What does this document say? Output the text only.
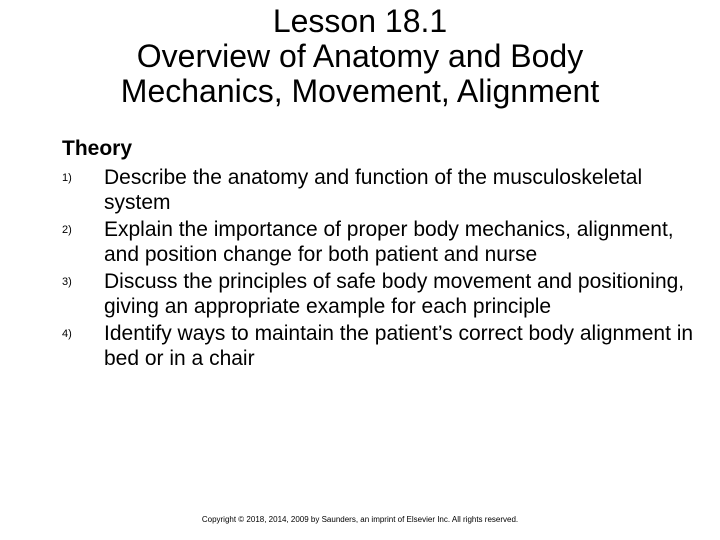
Lesson 18.1
Overview of Anatomy and Body
Mechanics, Movement, Alignment
Theory
1) Describe the anatomy and function of the musculoskeletal system
2) Explain the importance of proper body mechanics, alignment, and position change for both patient and nurse
3) Discuss the principles of safe body movement and positioning, giving an appropriate example for each principle
4) Identify ways to maintain the patient’s correct body alignment in bed or in a chair
Copyright © 2018, 2014, 2009 by Saunders, an imprint of Elsevier Inc. All rights reserved.
